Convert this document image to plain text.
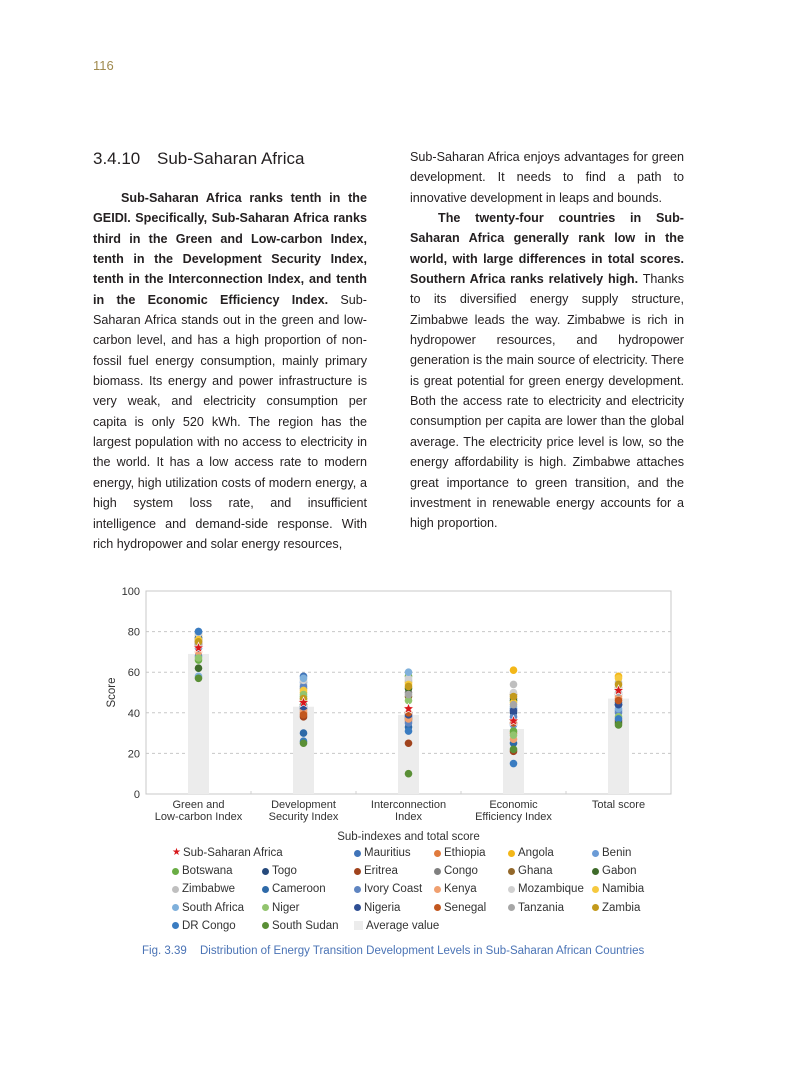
116
3.4.10 Sub-Saharan Africa

Sub-Saharan Africa ranks tenth in the GEIDI. Specifically, Sub-Saharan Africa ranks third in the Green and Low-carbon Index, tenth in the Development Security Index, tenth in the Interconnection Index, and tenth in the Economic Efficiency Index. Sub-Saharan Africa stands out in the green and low-carbon level, and has a high proportion of non-fossil fuel energy consumption, mainly primary biomass. Its energy and power infrastructure is very weak, and electricity consumption per capita is only 520 kWh. The region has the largest population with no access to electricity in the world. It has a low access rate to modern energy, high utilization costs of modern energy, a high system loss rate, and insufficient intelligence and demand-side response. With rich hydropower and solar energy resources,

Sub-Saharan Africa enjoys advantages for green development. It needs to find a path to innovative development in leaps and bounds.

The twenty-four countries in Sub-Saharan Africa generally rank low in the world, with large differences in total scores. Southern Africa ranks relatively high. Thanks to its diversified energy supply structure, Zimbabwe leads the way. Zimbabwe is rich in hydropower resources, and hydropower generation is the main source of electricity. There is great potential for green energy development. Both the access rate to electricity and electricity consumption per capita are lower than the global average. The electricity price level is low, so the energy affordability is high. Zimbabwe attaches great importance to green transition, and the investment in renewable energy accounts for a high proportion.

0
20
40
60
80
100
Score
Green and
Low-carbon Index
Development
Security Index
Interconnection
Index
Economic
Efficiency Index
Total score
Sub-indexes and total score
★ Sub-Saharan Africa	Mauritius	Ethiopia	Angola	Benin
Botswana	Togo	Eritrea	Congo	Ghana	Gabon
Zimbabwe	Cameroon	Ivory Coast Kenya	Mozambique Namibia
South Africa Niger	Nigeria	Senegal	Tanzania	Zambia
DR Congo	South Sudan Average value
Fig. 3.39 Distribution of Energy Transition Development Levels in Sub-Saharan African Countries
